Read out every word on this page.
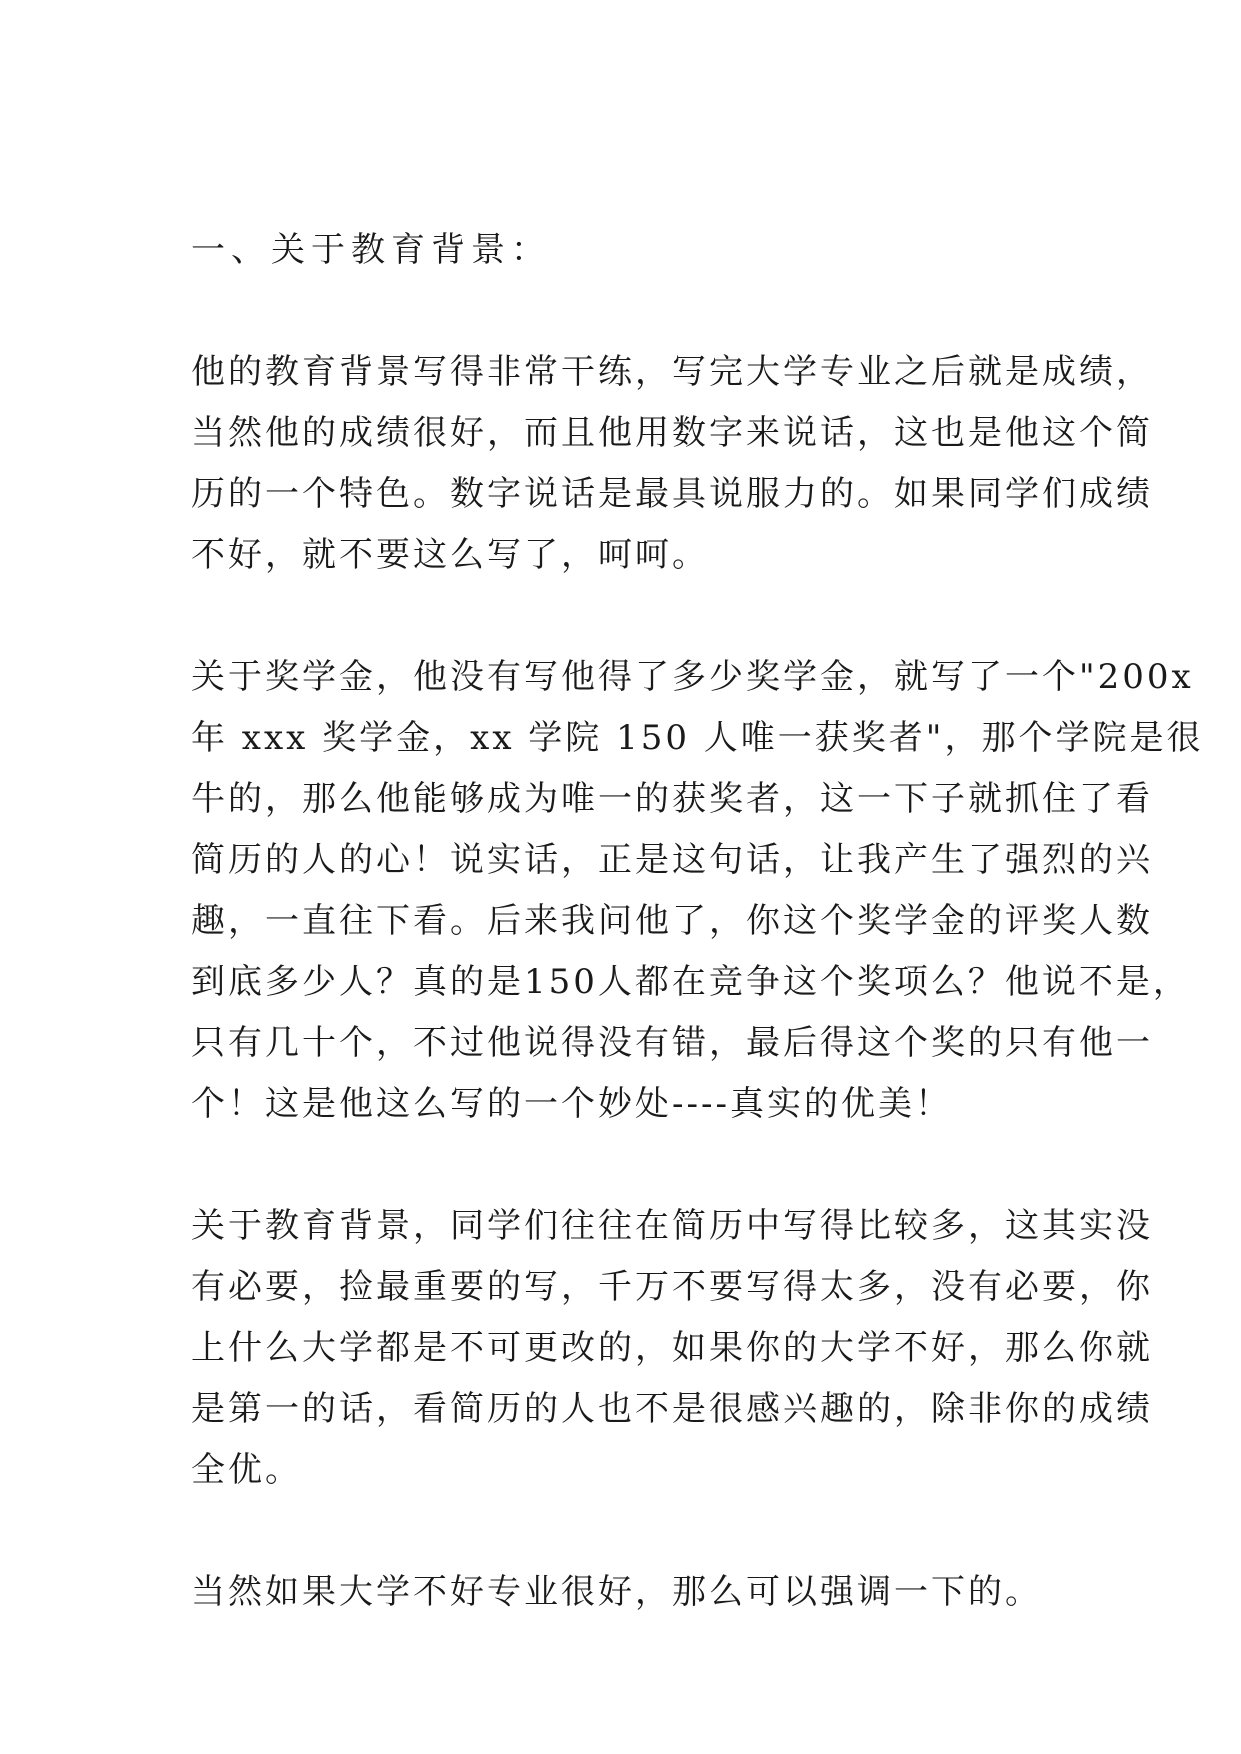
一、关于教育背景：

他的教育背景写得非常干练，写完大学专业之后就是成绩，
当然他的成绩很好，而且他用数字来说话，这也是他这个简
历的一个特色。数字说话是最具说服力的。如果同学们成绩
不好，就不要这么写了，呵呵。

关于奖学金，他没有写他得了多少奖学金，就写了一个"200x
年 xxx 奖学金，xx 学院 150 人唯一获奖者"，那个学院是很
牛的，那么他能够成为唯一的获奖者，这一下子就抓住了看
简历的人的心！说实话，正是这句话，让我产生了强烈的兴
趣，一直往下看。后来我问他了，你这个奖学金的评奖人数
到底多少人？真的是150人都在竞争这个奖项么？他说不是，
只有几十个，不过他说得没有错，最后得这个奖的只有他一
个！这是他这么写的一个妙处----真实的优美！

关于教育背景，同学们往往在简历中写得比较多，这其实没
有必要，捡最重要的写，千万不要写得太多，没有必要，你
上什么大学都是不可更改的，如果你的大学不好，那么你就
是第一的话，看简历的人也不是很感兴趣的，除非你的成绩
全优。

当然如果大学不好专业很好，那么可以强调一下的。
